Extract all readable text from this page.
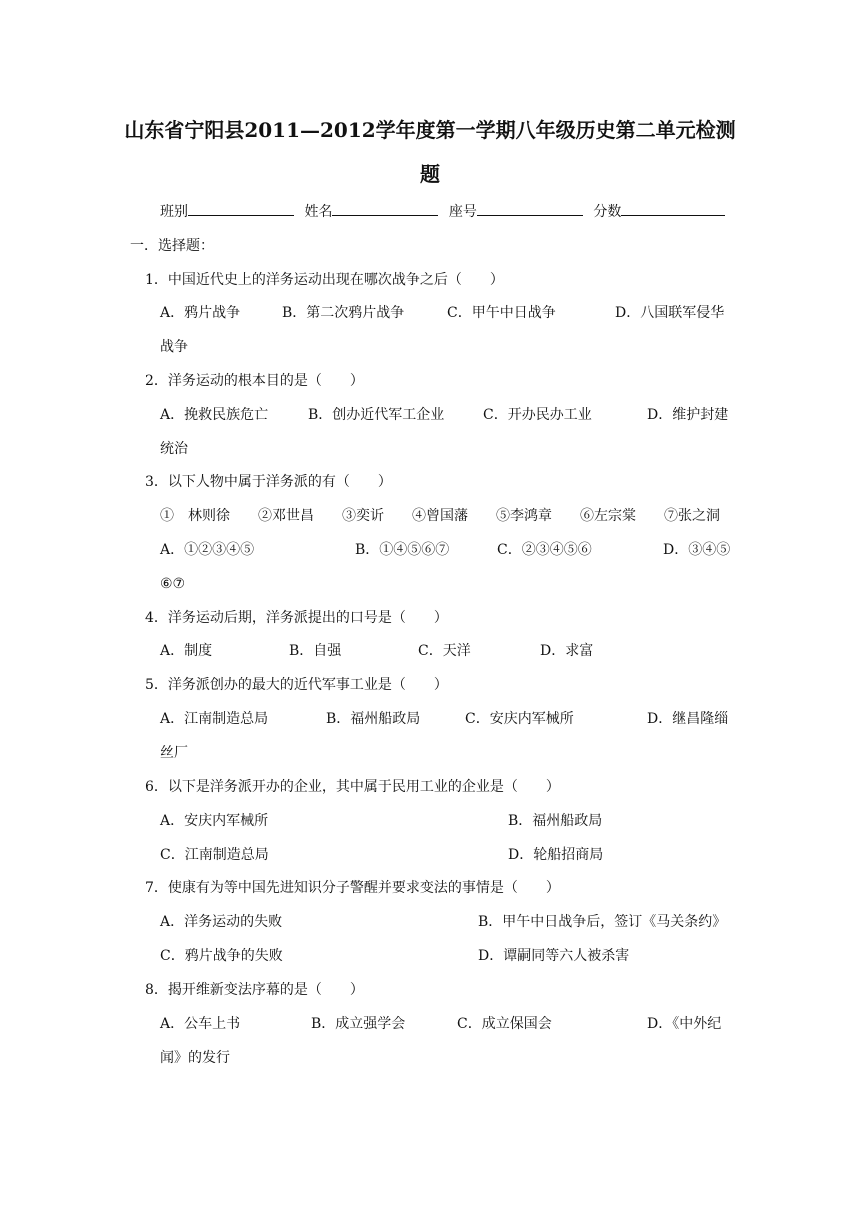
山东省宁阳县2011—2012学年度第一学期八年级历史第二单元检测
题
班别	姓名	座号	分数
一．选择题：
1．中国近代史上的洋务运动出现在哪次战争之后（　　）
A．鸦片战争	B．第二次鸦片战争	C．甲午中日战争	D．八国联军侵华
战争
2．洋务运动的根本目的是（　　）
A．挽救民族危亡	B．创办近代军工企业	C．开办民办工业	D．维护封建
统治
3．以下人物中属于洋务派的有（　　）
①　林则徐　　②邓世昌　　③奕䜣　　④曾国藩　　⑤李鸿章　　⑥左宗棠　　⑦张之洞
A．①②③④⑤	B．①④⑤⑥⑦	C．②③④⑤⑥	D．③④⑤
⑥⑦
4．洋务运动后期，洋务派提出的口号是（　　）
A．制度	B．自强	C．天洋	D．求富
5．洋务派创办的最大的近代军事工业是（　　）
A．江南制造总局	B．福州船政局	C．安庆内军械所	D．继昌隆缁
丝厂
6．以下是洋务派开办的企业，其中属于民用工业的企业是（　　）
A．安庆内军械所	B．福州船政局
C．江南制造总局	D．轮船招商局
7．使康有为等中国先进知识分子警醒并要求变法的事情是（　　）
A．洋务运动的失败	B．甲午中日战争后，签订《马关条约》
C．鸦片战争的失败	D．谭嗣同等六人被杀害
8．揭开维新变法序幕的是（　　）
A．公车上书	B．成立强学会	C．成立保国会	D．《中外纪
闻》的发行
